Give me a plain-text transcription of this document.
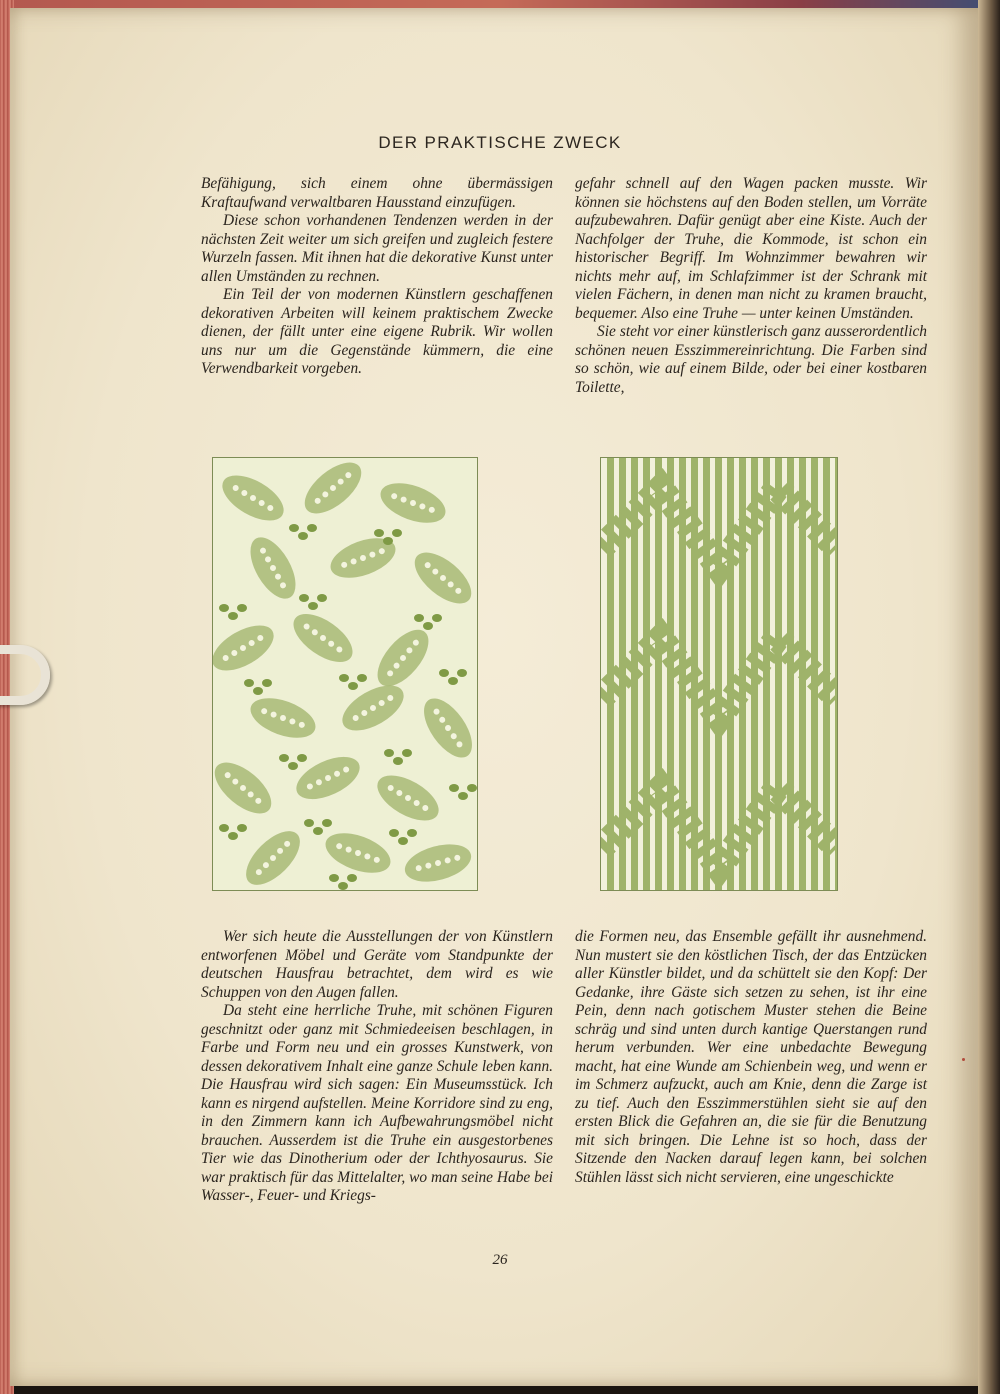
DER PRAKTISCHE ZWECK

Befähigung, sich einem ohne übermässigen Kraftaufwand verwaltbaren Hausstand einzufügen.

Diese schon vorhandenen Tendenzen werden in der nächsten Zeit weiter um sich greifen und zugleich festere Wurzeln fassen. Mit ihnen hat die dekorative Kunst unter allen Umständen zu rechnen.

Ein Teil der von modernen Künstlern geschaffenen dekorativen Arbeiten will keinem praktischem Zwecke dienen, der fällt unter eine eigene Rubrik. Wir wollen uns nur um die Gegenstände kümmern, die eine Verwendbarkeit vorgeben.

gefahr schnell auf den Wagen packen musste. Wir können sie höchstens auf den Boden stellen, um Vorräte aufzubewahren. Dafür genügt aber eine Kiste. Auch der Nachfolger der Truhe, die Kommode, ist schon ein historischer Begriff. Im Wohnzimmer bewahren wir nichts mehr auf, im Schlafzimmer ist der Schrank mit vielen Fächern, in denen man nicht zu kramen braucht, bequemer. Also eine Truhe — unter keinen Umständen.

Sie steht vor einer künstlerisch ganz ausserordentlich schönen neuen Esszimmereinrichtung. Die Farben sind so schön, wie auf einem Bilde, oder bei einer kostbaren Toilette,

Wer sich heute die Ausstellungen der von Künstlern entworfenen Möbel und Geräte vom Standpunkte der deutschen Hausfrau betrachtet, dem wird es wie Schuppen von den Augen fallen.

Da steht eine herrliche Truhe, mit schönen Figuren geschnitzt oder ganz mit Schmiedeeisen beschlagen, in Farbe und Form neu und ein grosses Kunstwerk, von dessen dekorativem Inhalt eine ganze Schule leben kann. Die Hausfrau wird sich sagen: Ein Museumsstück. Ich kann es nirgend aufstellen. Meine Korridore sind zu eng, in den Zimmern kann ich Aufbewahrungsmöbel nicht brauchen. Ausserdem ist die Truhe ein ausgestorbenes Tier wie das Dinotherium oder der Ichthyosaurus. Sie war praktisch für das Mittelalter, wo man seine Habe bei Wasser-, Feuer- und Kriegs-

die Formen neu, das Ensemble gefällt ihr ausnehmend. Nun mustert sie den köstlichen Tisch, der das Entzücken aller Künstler bildet, und da schüttelt sie den Kopf: Der Gedanke, ihre Gäste sich setzen zu sehen, ist ihr eine Pein, denn nach gotischem Muster stehen die Beine schräg und sind unten durch kantige Querstangen rund herum verbunden. Wer eine unbedachte Bewegung macht, hat eine Wunde am Schienbein weg, und wenn er im Schmerz aufzuckt, auch am Knie, denn die Zarge ist zu tief. Auch den Esszimmerstühlen sieht sie auf den ersten Blick die Gefahren an, die sie für die Benutzung mit sich bringen. Die Lehne ist so hoch, dass der Sitzende den Nacken darauf legen kann, bei solchen Stühlen lässt sich nicht servieren, eine ungeschickte

26
